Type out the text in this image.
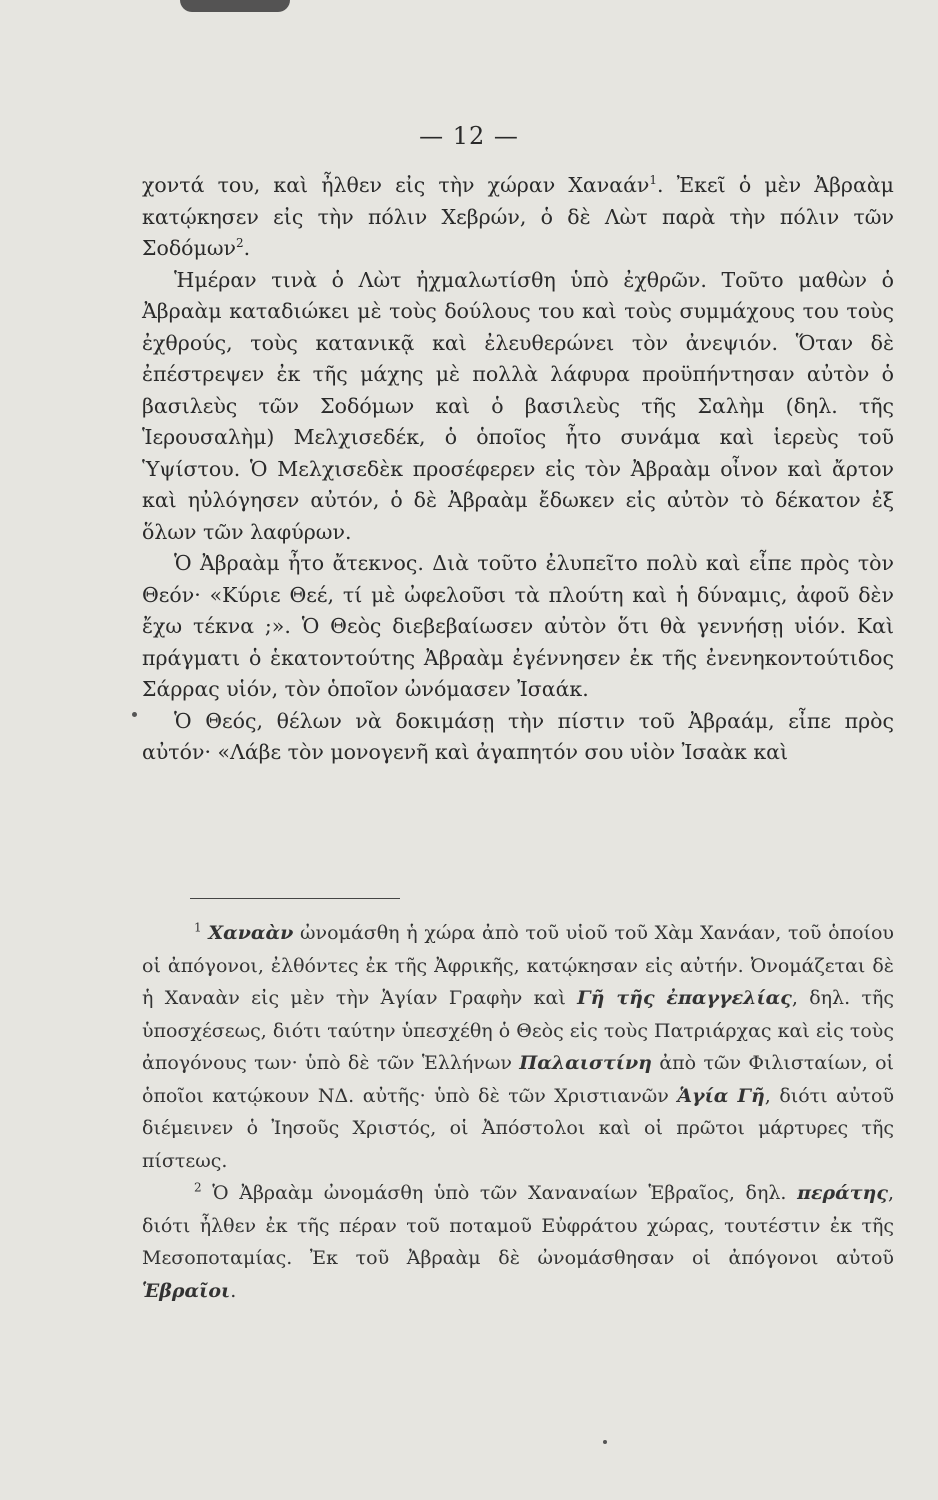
— 12 —

χοντά του, καὶ ἦλθεν εἰς τὴν χώραν Χαναάν$^1$. Ἐκεῖ ὁ μὲν Ἀβραὰμ κατῴκησεν εἰς τὴν πόλιν Χεβρών, ὁ δὲ Λὼτ παρὰ τὴν πόλιν τῶν Σοδόμων$^2$.

Ἡμέραν τινὰ ὁ Λὼτ ἠχμαλωτίσθη ὑπὸ ἐχθρῶν. Τοῦτο μαθὼν ὁ Ἀβραὰμ καταδιώκει μὲ τοὺς δούλους του καὶ τοὺς συμμάχους του τοὺς ἐχθρούς, τοὺς κατανικᾷ καὶ ἐλευθερώνει τὸν ἀνεψιόν. Ὅταν δὲ ἐπέστρεψεν ἐκ τῆς μάχης μὲ πολλὰ λάφυρα προϋπήντησαν αὐτὸν ὁ βασιλεὺς τῶν Σοδόμων καὶ ὁ βασιλεὺς τῆς Σαλὴμ (δηλ. τῆς Ἱερουσαλὴμ) Μελχισεδέκ, ὁ ὁποῖος ἦτο συνάμα καὶ ἱερεὺς τοῦ Ὑψίστου. Ὁ Μελχισεδὲκ προσέφερεν εἰς τὸν Ἀβραὰμ οἶνον καὶ ἄρτον καὶ ηὐλόγησεν αὐτόν, ὁ δὲ Ἀβραὰμ ἔδωκεν εἰς αὐτὸν τὸ δέκατον ἐξ ὅλων τῶν λαφύρων.

Ὁ Ἀβραὰμ ἦτο ἄτεκνος. Διὰ τοῦτο ἐλυπεῖτο πολὺ καὶ εἶπε πρὸς τὸν Θεόν· «Κύριε Θεέ, τί μὲ ὠφελοῦσι τὰ πλούτη καὶ ἡ δύναμις, ἀφοῦ δὲν ἔχω τέκνα ;». Ὁ Θεὸς διεβεβαίωσεν αὐτὸν ὅτι θὰ γεννήσῃ υἱόν. Καὶ πράγματι ὁ ἑκατοντούτης Ἀβραὰμ ἐγέννησεν ἐκ τῆς ἐνενηκοντούτιδος Σάρρας υἱόν, τὸν ὁποῖον ὠνόμασεν Ἰσαάκ.

Ὁ Θεός, θέλων νὰ δοκιμάσῃ τὴν πίστιν τοῦ Ἀβραάμ, εἶπε πρὸς αὐτόν· «Λάβε τὸν μονογενῆ καὶ ἀγαπητόν σου υἱὸν Ἰσαὰκ καὶ

$^1$ Χαναὰν ὠνομάσθη ἡ χώρα ἀπὸ τοῦ υἱοῦ τοῦ Χὰμ Χανάαν, τοῦ ὁποίου οἱ ἀπόγονοι, ἐλθόντες ἐκ τῆς Ἀφρικῆς, κατῴκησαν εἰς αὐτήν. Ὀνομάζεται δὲ ἡ Χαναὰν εἰς μὲν τὴν Ἁγίαν Γραφὴν καὶ Γῆ τῆς ἐπαγγελίας, δηλ. τῆς ὑποσχέσεως, διότι ταύτην ὑπεσχέθη ὁ Θεὸς εἰς τοὺς Πατριάρχας καὶ εἰς τοὺς ἀπογόνους των· ὑπὸ δὲ τῶν Ἑλλήνων Παλαιστίνη ἀπὸ τῶν Φιλισταίων, οἱ ὁποῖοι κατῴκουν ΝΔ. αὐτῆς· ὑπὸ δὲ τῶν Χριστιανῶν Ἁγία Γῆ, διότι αὐτοῦ διέμεινεν ὁ Ἰησοῦς Χριστός, οἱ Ἀπόστολοι καὶ οἱ πρῶτοι μάρτυρες τῆς πίστεως.

$^2$ Ὁ Ἀβραὰμ ὠνομάσθη ὑπὸ τῶν Χαναναίων Ἑβραῖος, δηλ. περάτης, διότι ἦλθεν ἐκ τῆς πέραν τοῦ ποταμοῦ Εὐφράτου χώρας, τουτέστιν ἐκ τῆς Μεσοποταμίας. Ἐκ τοῦ Ἀβραὰμ δὲ ὠνομάσθησαν οἱ ἀπόγονοι αὐτοῦ Ἑβραῖοι.
